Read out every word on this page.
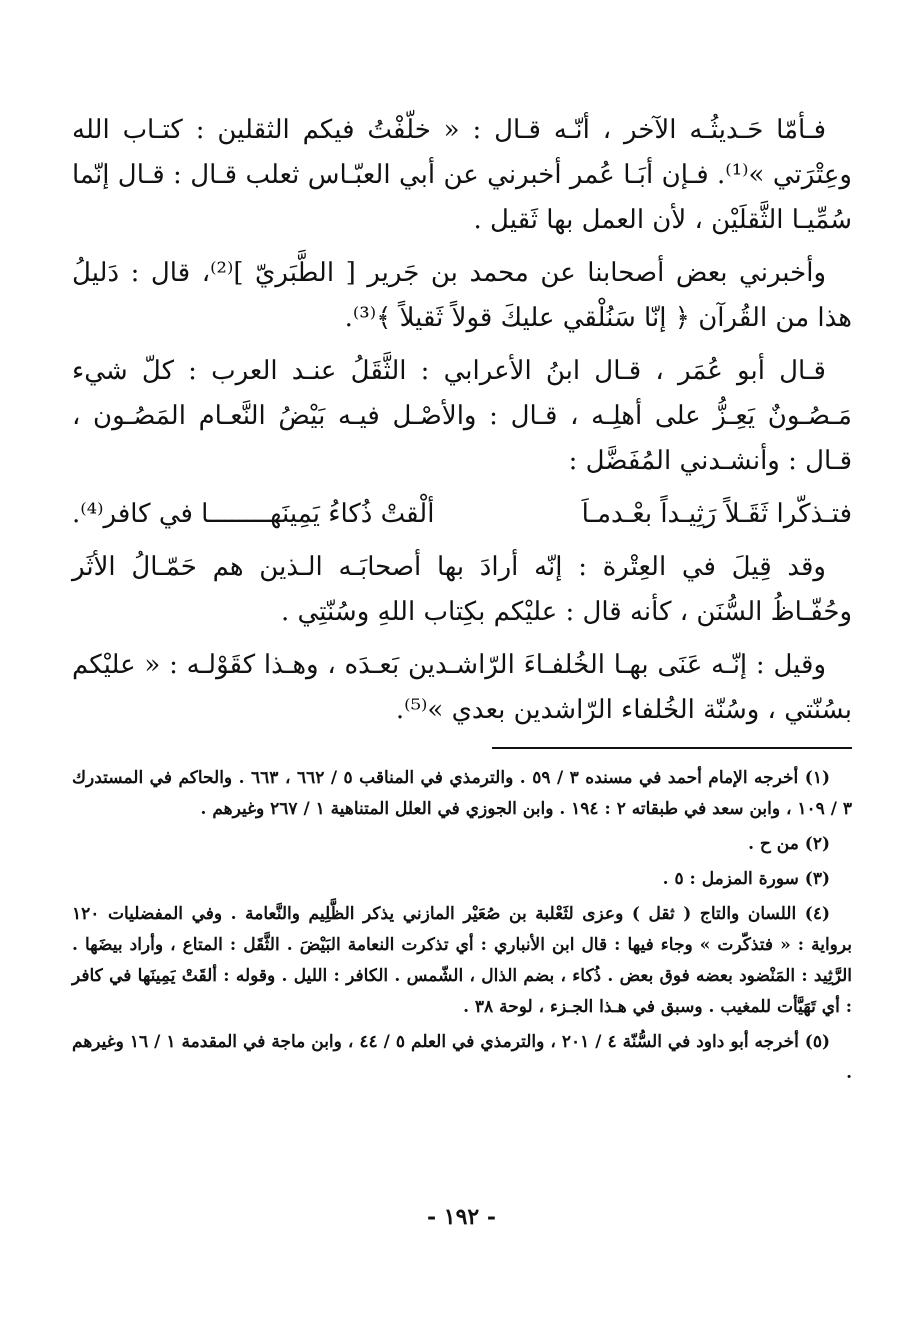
فـأمّا حَـديثُـه الآخر ، أنّـه قـال : « خلّفْتُ فيكم الثقلين : كتـاب الله وعِتْرَتي »⁽¹⁾. فـإن أبَـا عُمر أخبرني عن أبي العبّـاس ثعلب قـال : قـال إنّما سُمِّيـا الثَّقلَيْن ، لأن العمل بها ثَقيل .

وأخبرني بعض أصحابنا عن محمد بن جَرير [ الطَّبَريّ ]⁽²⁾، قال : دَليلُ هذا من القُرآن ﴿ إنّا سَنُلْقي عليكَ قولاً ثَقيلاً ﴾⁽³⁾.

قـال أبو عُمَر ، قـال ابنُ الأعرابي : الثَّقَلُ عنـد العرب : كلّ شيء مَـصُـونٌ يَعِـزُّ على أهلِـه ، قـال : والأصْـل فيـه بَيْضُ النَّعـام المَصُـون ، قـال : وأنشـدني المُفَضَّل :

فتـذكّرا ثَقَـلاً رَثِيـداً بعْـدمـاَ
ألْقتْ ذُكاءُ يَمِينَهــــــــا في كافر⁽⁴⁾.

وقد قِيلَ في العِتْرة : إنّه أرادَ بها أصحابَـه الـذين هم حَمّـالُ الأثَر وحُفّـاظُ السُّنَن ، كأنه قال : عليْكم بكِتاب اللهِ وسُنّتِي .

وقيل : إنّـه عَنَى بهـا الخُلفـاءَ الرّاشـدين بَعـدَه ، وهـذا كقَوْلـه : « عليْكم بسُنّتي ، وسُنّة الخُلفاء الرّاشدين بعدي »⁽⁵⁾.

(١) أخرجه الإمام أحمد في مسنده ٣ / ٥٩ . والترمذي في المناقب ٥ / ٦٦٢ ، ٦٦٣ . والحاكم في المستدرك ٣ / ١٠٩ ، وابن سعد في طبقاته ٢ : ١٩٤ . وابن الجوزي في العلل المتناهية ١ / ٢٦٧ وغيرهم .

(٢) من ح .

(٣) سورة المزمل : ٥ .

(٤) اللسان والتاج ( ثقل ) وعزى لثَعْلبة بن صُعَيْر المازني يذكر الظَّلِيم والنَّعامة . وفي المفضليات ١٢٠ برواية : « فتذكّرت » وجاء فيها : قال ابن الأنباري : أي تذكرت النعامة البَيْضَ . الثَّقَل : المتاع ، وأراد بيضَها . الرَّثِيد : المَنْضود بعضه فوق بعض . ذُكاء ، بضم الذال ، الشّمس . الكافر : الليل . وقوله : ألقَتْ يَمِينَها في كافر : أي تَهَيَّأت للمغيب . وسبق في هـذا الجـزء ، لوحة ٣٨ .

(٥) أخرجه أبو داود في السُّنّة ٤ / ٢٠١ ، والترمذي في العلم ٥ / ٤٤ ، وابن ماجة في المقدمة ١ / ١٦ وغيرهم .

- ١٩٢ -
